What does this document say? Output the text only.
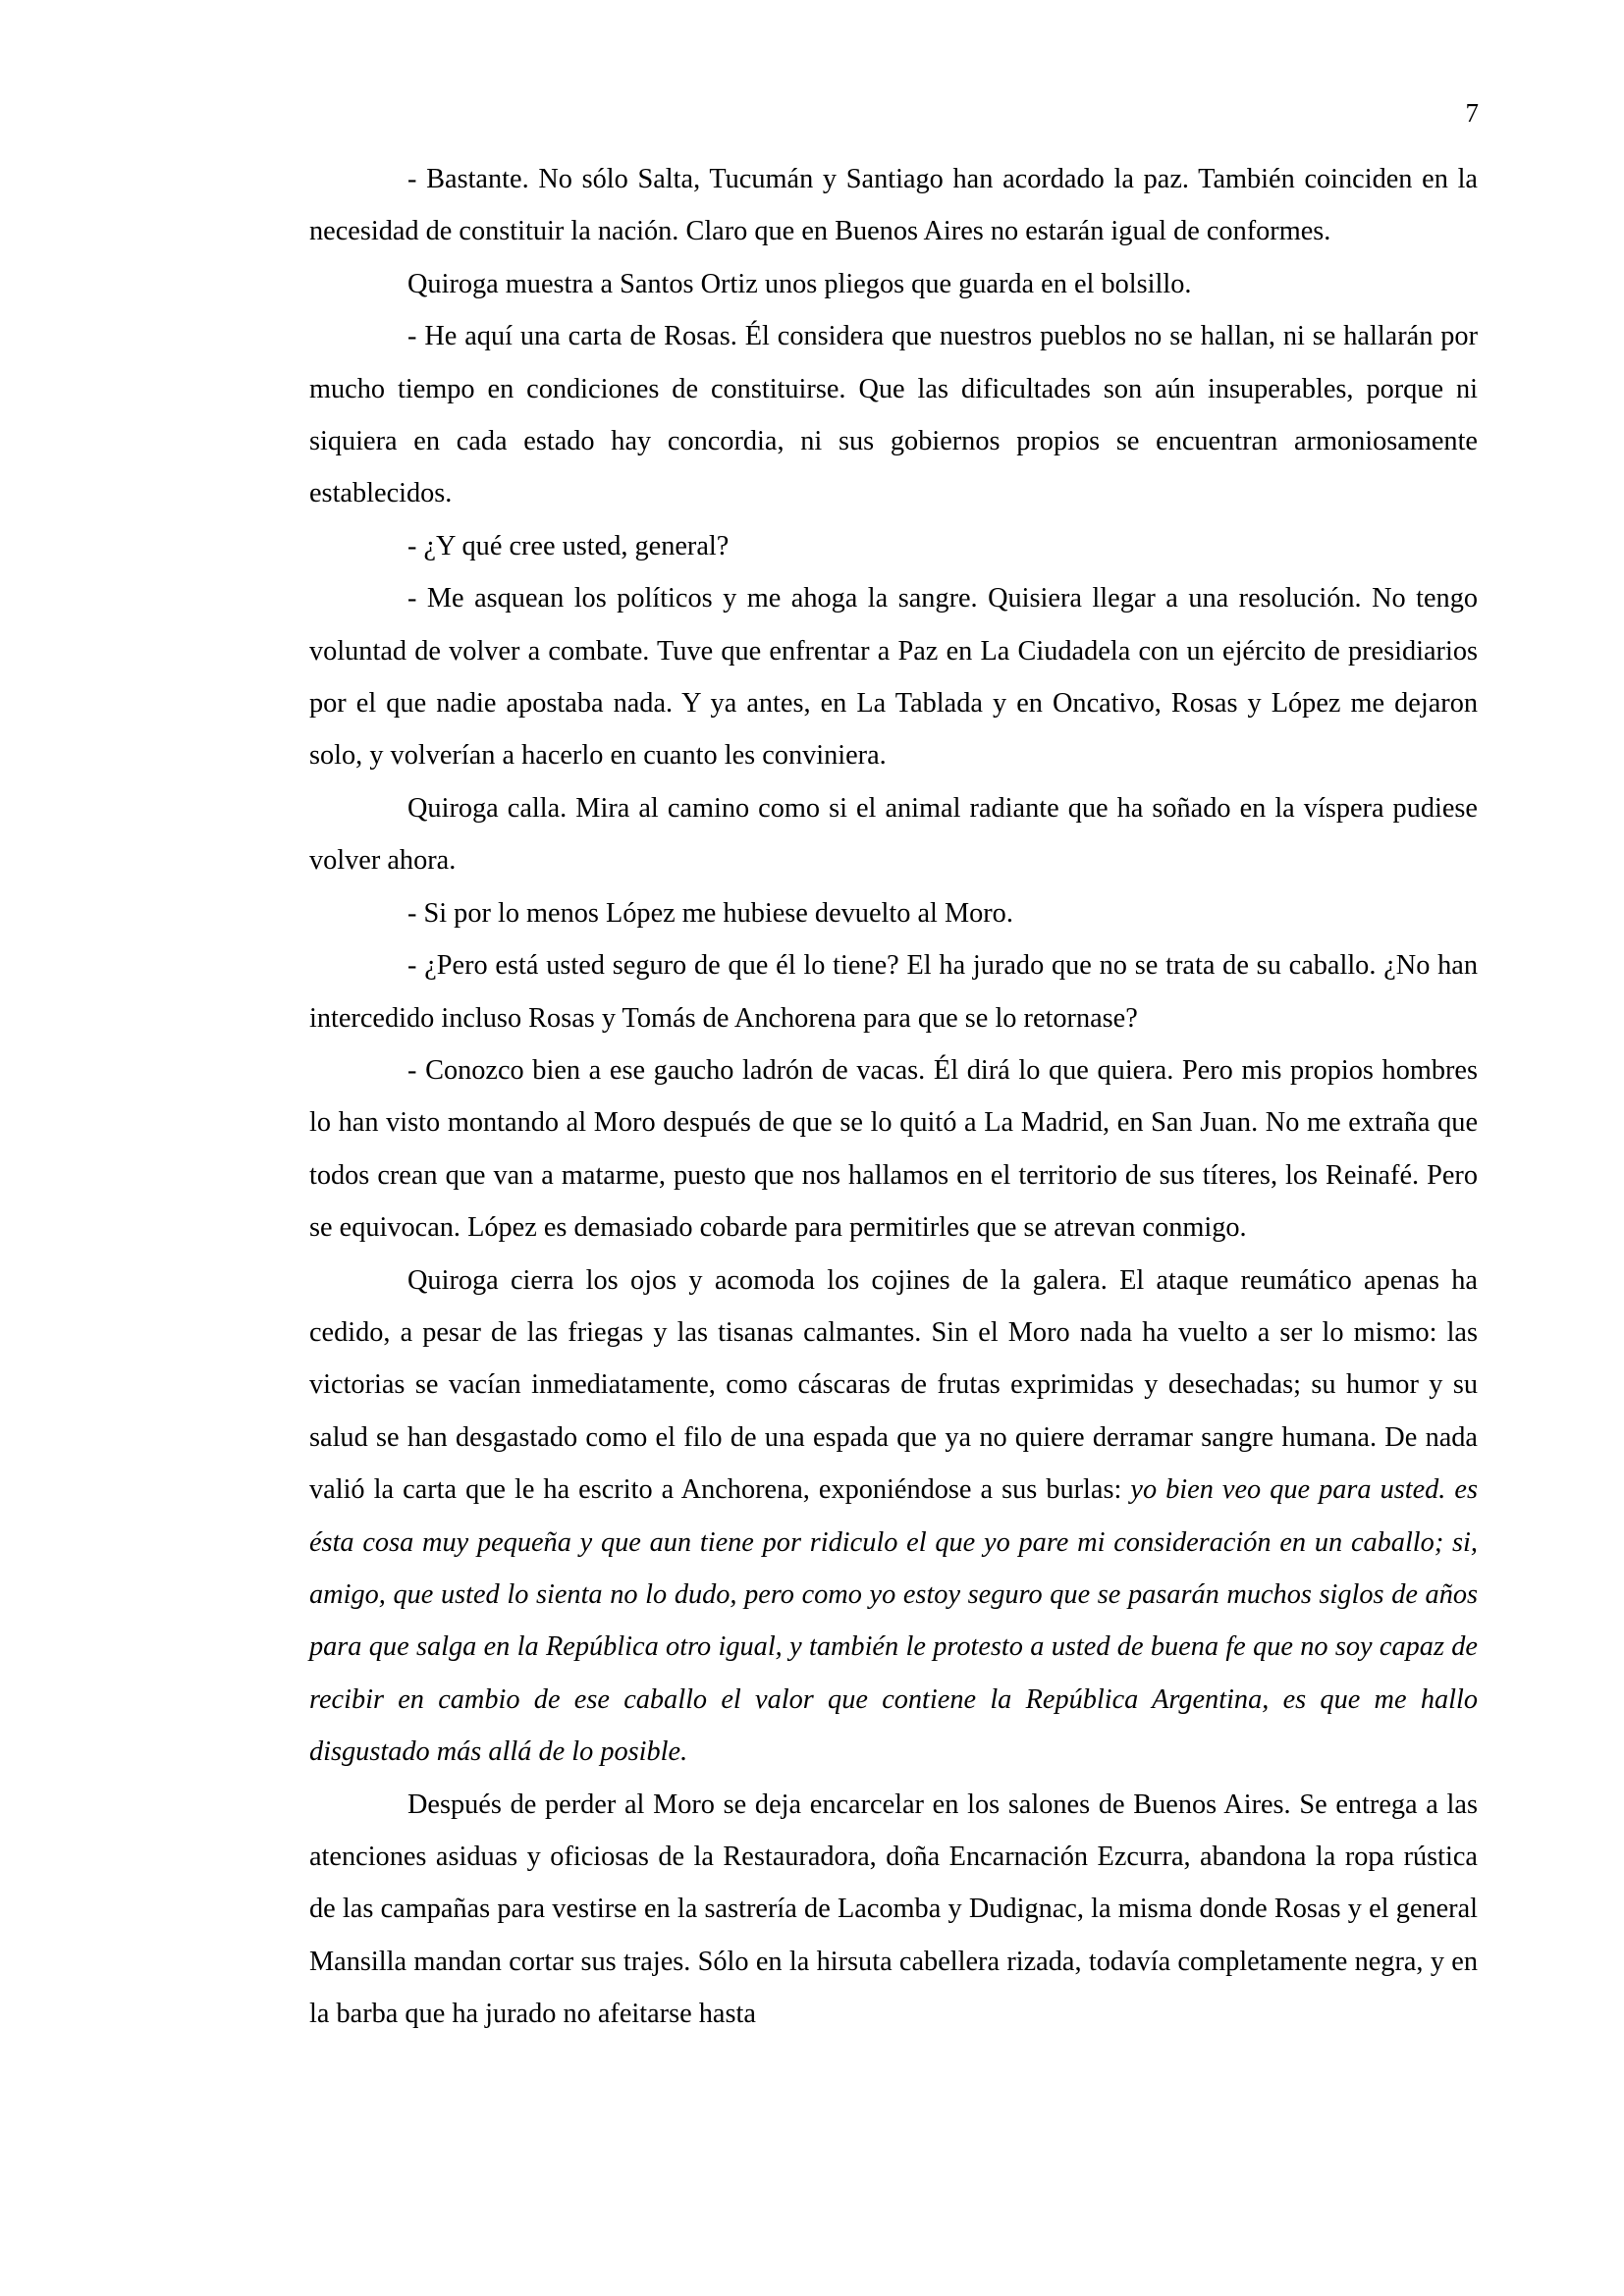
7

- Bastante. No sólo Salta, Tucumán y Santiago han acordado la paz. También coinciden en la necesidad de constituir la nación. Claro que en Buenos Aires no estarán igual de conformes.

Quiroga muestra a Santos Ortiz unos pliegos que guarda en el bolsillo.

- He aquí una carta de Rosas. Él considera que nuestros pueblos no se hallan, ni se hallarán por mucho tiempo en condiciones de constituirse. Que las dificultades son aún insuperables, porque ni siquiera en cada estado hay concordia, ni sus gobiernos propios se encuentran armoniosamente establecidos.

- ¿Y qué cree usted, general?

- Me asquean los políticos y me ahoga la sangre. Quisiera llegar a una resolución. No tengo voluntad de volver a combate. Tuve que enfrentar a Paz en La Ciudadela con un ejército de presidiarios por el que nadie apostaba nada. Y ya antes, en La Tablada y en Oncativo, Rosas y López me dejaron solo, y volverían a hacerlo en cuanto les conviniera.

Quiroga calla. Mira al camino como si el animal radiante que ha soñado en la víspera pudiese volver ahora.

- Si por lo menos López me hubiese devuelto al Moro.

- ¿Pero está usted seguro de que él lo tiene? El ha jurado que no se trata de su caballo. ¿No han intercedido incluso Rosas y Tomás de Anchorena para que se lo retornase?

- Conozco bien a ese gaucho ladrón de vacas. Él dirá lo que quiera. Pero mis propios hombres lo han visto montando al Moro después de que se lo quitó a La Madrid, en San Juan. No me extraña que todos crean que van a matarme, puesto que nos hallamos en el territorio de sus títeres, los Reinafé. Pero se equivocan. López es demasiado cobarde para permitirles que se atrevan conmigo.

Quiroga cierra los ojos y acomoda los cojines de la galera. El ataque reumático apenas ha cedido, a pesar de las friegas y las tisanas calmantes. Sin el Moro nada ha vuelto a ser lo mismo: las victorias se vacían inmediatamente, como cáscaras de frutas exprimidas y desechadas; su humor y su salud se han desgastado como el filo de una espada que ya no quiere derramar sangre humana. De nada valió la carta que le ha escrito a Anchorena, exponiéndose a sus burlas: yo bien veo que para usted. es ésta cosa muy pequeña y que aun tiene por ridiculo el que yo pare mi consideración en un caballo; si, amigo, que usted lo sienta no lo dudo, pero como yo estoy seguro que se pasarán muchos siglos de años para que salga en la República otro igual, y también le protesto a usted de buena fe que no soy capaz de recibir en cambio de ese caballo el valor que contiene la República Argentina, es que me hallo disgustado más allá de lo posible.

Después de perder al Moro se deja encarcelar en los salones de Buenos Aires. Se entrega a las atenciones asiduas y oficiosas de la Restauradora, doña Encarnación Ezcurra, abandona la ropa rústica de las campañas para vestirse en la sastrería de Lacomba y Dudignac, la misma donde Rosas y el general Mansilla mandan cortar sus trajes. Sólo en la hirsuta cabellera rizada, todavía completamente negra, y en la barba que ha jurado no afeitarse hasta
